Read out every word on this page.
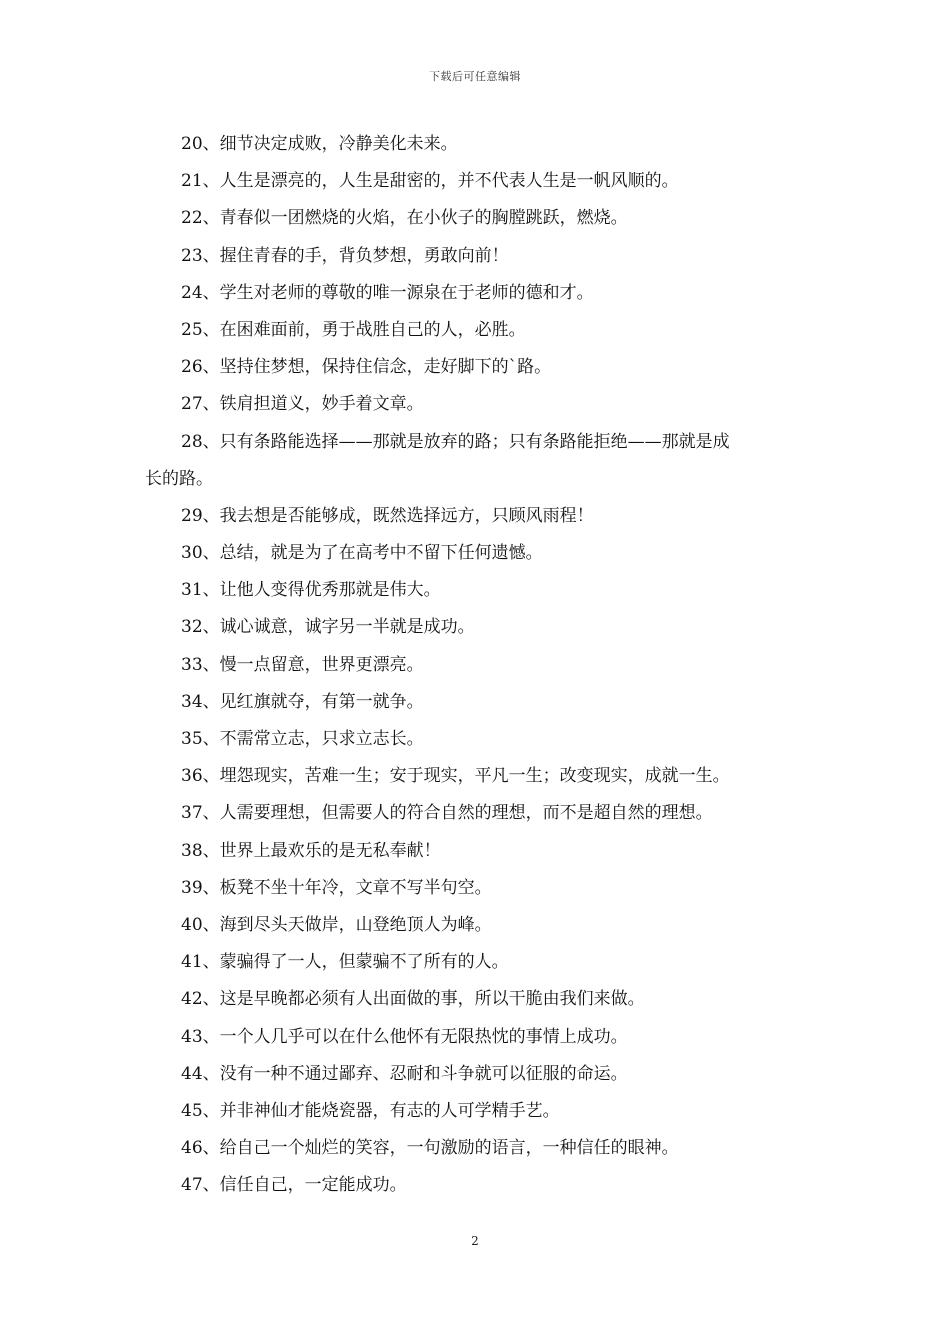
下载后可任意编辑
20、细节决定成败，冷静美化未来。
21、人生是漂亮的，人生是甜密的，并不代表人生是一帆风顺的。
22、青春似一团燃烧的火焰，在小伙子的胸膛跳跃，燃烧。
23、握住青春的手，背负梦想，勇敢向前！
24、学生对老师的尊敬的唯一源泉在于老师的德和才。
25、在困难面前，勇于战胜自己的人，必胜。
26、坚持住梦想，保持住信念，走好脚下的`路。
27、铁肩担道义，妙手着文章。
28、只有条路能选择——那就是放弃的路；只有条路能拒绝——那就是成
长的路。
29、我去想是否能够成，既然选择远方，只顾风雨程！
30、总结，就是为了在高考中不留下任何遗憾。
31、让他人变得优秀那就是伟大。
32、诚心诚意，诚字另一半就是成功。
33、慢一点留意，世界更漂亮。
34、见红旗就夺，有第一就争。
35、不需常立志，只求立志长。
36、埋怨现实，苦难一生；安于现实，平凡一生；改变现实，成就一生。
37、人需要理想，但需要人的符合自然的理想，而不是超自然的理想。
38、世界上最欢乐的是无私奉献！
39、板凳不坐十年冷，文章不写半句空。
40、海到尽头天做岸，山登绝顶人为峰。
41、蒙骗得了一人，但蒙骗不了所有的人。
42、这是早晚都必须有人出面做的事，所以干脆由我们来做。
43、一个人几乎可以在什么他怀有无限热忱的事情上成功。
44、没有一种不通过鄙弃、忍耐和斗争就可以征服的命运。
45、并非神仙才能烧瓷器，有志的人可学精手艺。
46、给自己一个灿烂的笑容，一句激励的语言，一种信任的眼神。
47、信任自己，一定能成功。
2
